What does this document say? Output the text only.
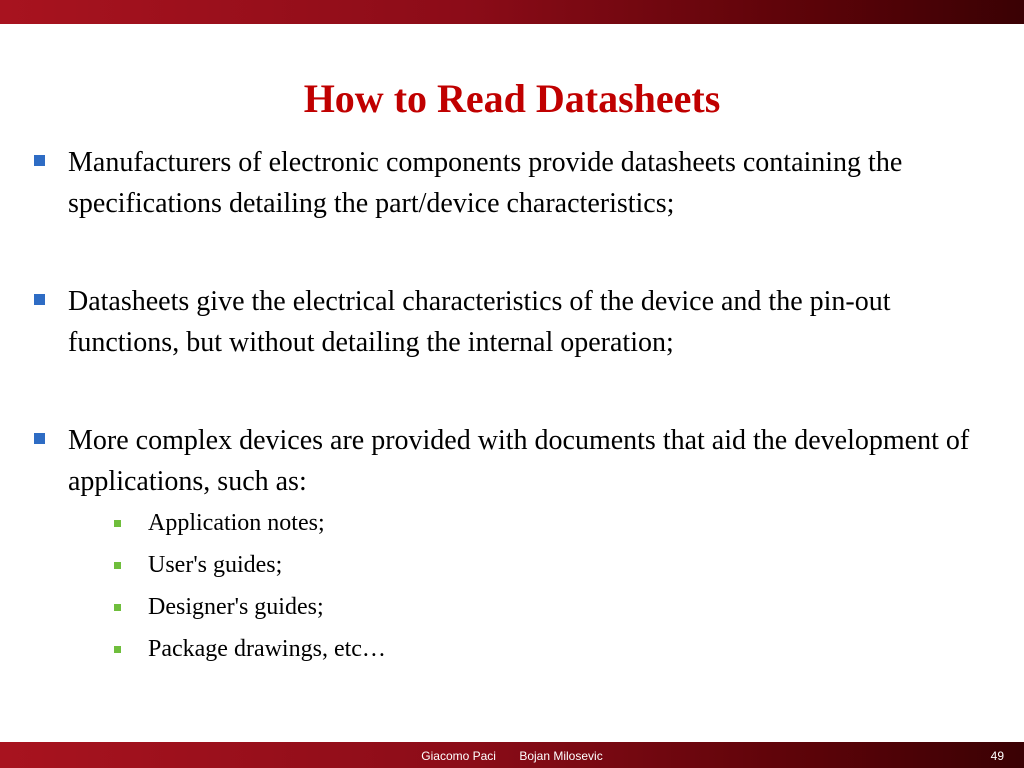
How to Read Datasheets
Manufacturers of electronic components provide datasheets containing the specifications detailing the part/device characteristics;
Datasheets give the electrical characteristics of the device and the pin-out functions, but without detailing the internal operation;
More complex devices are provided with documents that aid the development of applications, such as:
Application notes;
User's guides;
Designer's guides;
Package drawings, etc…
Giacomo Paci Bojan Milosevic	49
